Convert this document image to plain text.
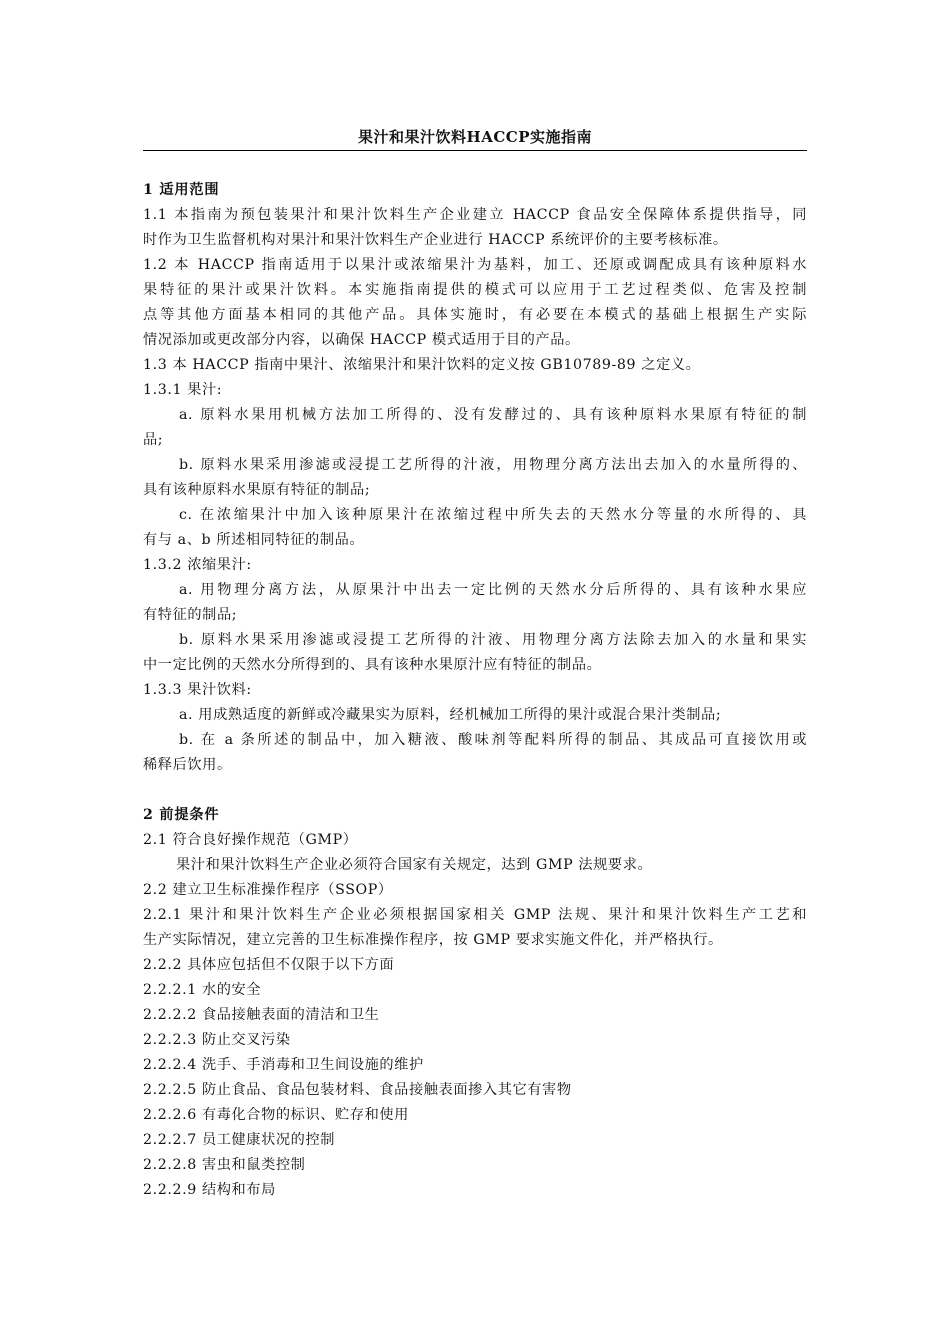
果汁和果汁饮料HACCP实施指南
1 适用范围
1.1 本指南为预包装果汁和果汁饮料生产企业建立 HACCP 食品安全保障体系提供指导，同
时作为卫生监督机构对果汁和果汁饮料生产企业进行 HACCP 系统评价的主要考核标准。
1.2 本 HACCP 指南适用于以果汁或浓缩果汁为基料，加工、还原或调配成具有该种原料水
果特征的果汁或果汁饮料。本实施指南提供的模式可以应用于工艺过程类似、危害及控制
点等其他方面基本相同的其他产品。具体实施时，有必要在本模式的基础上根据生产实际
情况添加或更改部分内容，以确保 HACCP 模式适用于目的产品。
1.3 本 HACCP 指南中果汁、浓缩果汁和果汁饮料的定义按 GB10789-89 之定义。
1.3.1 果汁:
a. 原料水果用机械方法加工所得的、没有发酵过的、具有该种原料水果原有特征的制
品;
b. 原料水果采用渗滤或浸提工艺所得的汁液，用物理分离方法出去加入的水量所得的、
具有该种原料水果原有特征的制品;
c. 在浓缩果汁中加入该种原果汁在浓缩过程中所失去的天然水分等量的水所得的、具
有与 a、b 所述相同特征的制品。
1.3.2 浓缩果汁:
a. 用物理分离方法，从原果汁中出去一定比例的天然水分后所得的、具有该种水果应
有特征的制品;
b. 原料水果采用渗滤或浸提工艺所得的汁液、用物理分离方法除去加入的水量和果实
中一定比例的天然水分所得到的、具有该种水果原汁应有特征的制品。
1.3.3 果汁饮料:
a. 用成熟适度的新鲜或冷藏果实为原料，经机械加工所得的果汁或混合果汁类制品;
b. 在 a 条所述的制品中，加入糖液、酸味剂等配料所得的制品、其成品可直接饮用或
稀释后饮用。
2 前提条件
2.1 符合良好操作规范（GMP）
果汁和果汁饮料生产企业必须符合国家有关规定，达到 GMP 法规要求。
2.2 建立卫生标准操作程序（SSOP）
2.2.1 果汁和果汁饮料生产企业必须根据国家相关 GMP 法规、果汁和果汁饮料生产工艺和
生产实际情况，建立完善的卫生标准操作程序，按 GMP 要求实施文件化，并严格执行。
2.2.2 具体应包括但不仅限于以下方面
2.2.2.1 水的安全
2.2.2.2 食品接触表面的清洁和卫生
2.2.2.3 防止交叉污染
2.2.2.4 洗手、手消毒和卫生间设施的维护
2.2.2.5 防止食品、食品包装材料、食品接触表面掺入其它有害物
2.2.2.6 有毒化合物的标识、贮存和使用
2.2.2.7 员工健康状况的控制
2.2.2.8 害虫和鼠类控制
2.2.2.9 结构和布局
